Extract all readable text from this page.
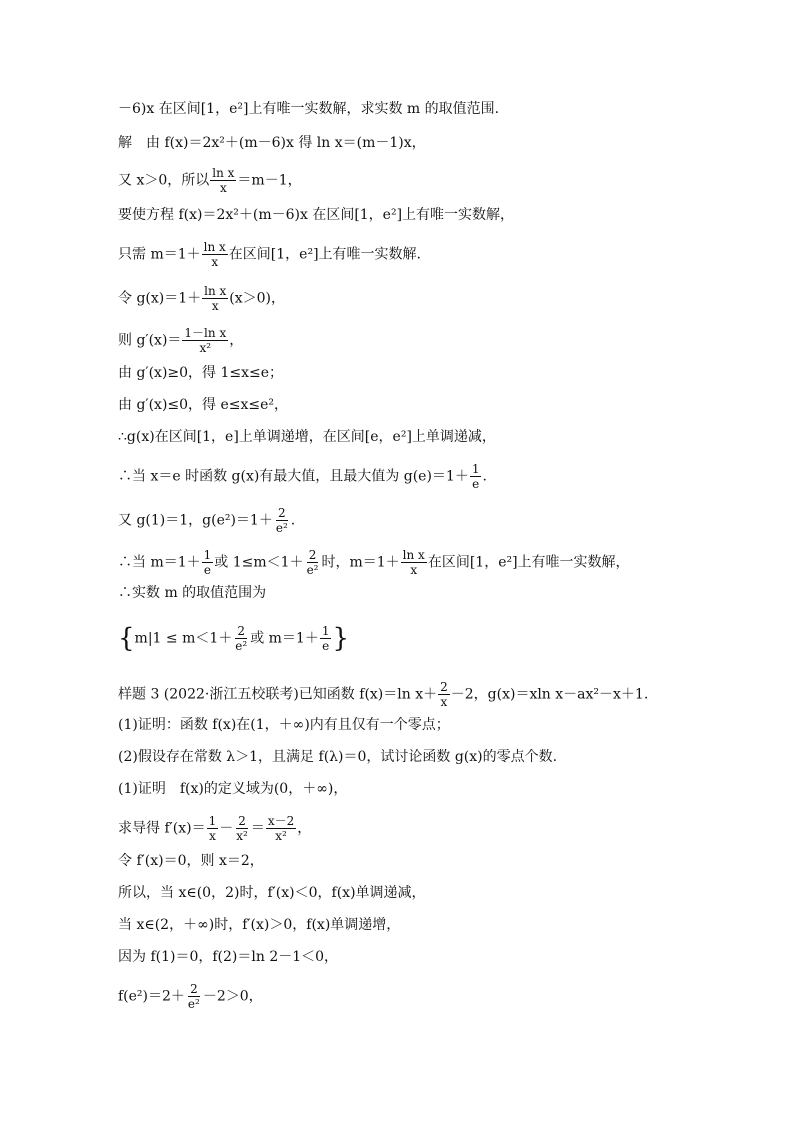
－6)x 在区间[1，e²]上有唯一实数解，求实数 m 的取值范围.
解　由 f(x)＝2x²＋(m－6)x 得 ln x＝(m－1)x，
又 x＞0，所以 $\frac{\text{ln x}}{x} =m-1$，
要使方程 f(x)＝2x²＋(m－6)x 在区间[1，e²]上有唯一实数解，
只需 $m=1+ \frac{\text{ln x}}{x}$ 在区间[1，e²]上有唯一实数解.
令 $g(x)=1+ \frac{\text{ln x}}{x} (x>0)$，
则 $g'(x)= \frac{\text{1－ln x}}{\text{x²}}$ ，
由 g′(x)≥0，得 1≤x≤e；
由 g′(x)≤0，得 e≤x≤e²，
∴g(x)在区间[1，e]上单调递增，在区间[e，e²]上单调递减，
∴当 x＝e 时函数 g(x)有最大值，且最大值为 $g(e)=1+ \frac{1}{e}$ .
又 g(1)＝1，$g(e^2)=1+ \frac{2}{\text{e²}}$ .
∴当 $m=1+ \frac{1}{e}$ 或 $1\le m<1+ \frac{2}{\text{e²}}$ 时，$m=1+ \frac{\text{ln x}}{x}$ 在区间[1，e²]上有唯一实数解，
∴实数 m 的取值范围为
{$m|1 \le m<1+ \frac{2}{\text{e²}}$ 或 $m=1+ \frac{1}{e}$ }
样题 3 (2022·浙江五校联考)已知函数 f(x)＝ln $x+ \frac{2}{x} -2$，g(x)＝xln x－ax²－x＋1.
(1)证明：函数 f(x)在(1，＋∞)内有且仅有一个零点；
(2)假设存在常数 λ＞1，且满足 f(λ)＝0，试讨论函数 g(x)的零点个数.
(1)证明　f(x)的定义域为(0，＋∞)，
求导得 $f'(x)= \frac{1}{x} - \frac{2}{\text{x²}} = \frac{x-2}{\text{x²}}$ ，
令 f′(x)＝0，则 x＝2，
所以，当 x∈(0，2)时，f′(x)＜0，f(x)单调递减，
当 x∈(2，＋∞)时，f′(x)＞0，f(x)单调递增，
因为 f(1)＝0，f(2)＝ln 2－1＜0，
$f(e^2)=2+ \frac{2}{\text{e²}} -2>0$，
